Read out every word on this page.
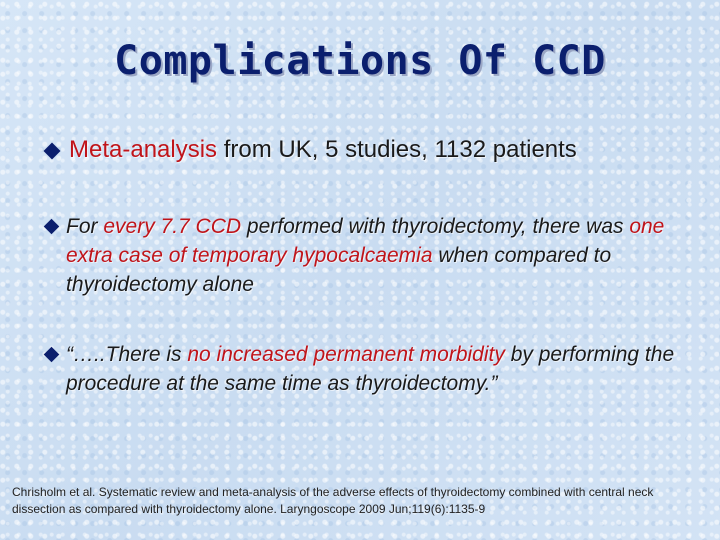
Complications Of CCD
Meta-analysis from UK, 5 studies, 1132 patients
For every 7.7 CCD performed with thyroidectomy, there was one extra case of temporary hypocalcaemia when compared to thyroidectomy alone
“…..There is no increased permanent morbidity by performing the procedure at the same time as thyroidectomy.”
Chrisholm et al. Systematic review and meta-analysis of the adverse effects of thyroidectomy combined with central neck dissection as compared with thyroidectomy alone. Laryngoscope 2009 Jun;119(6):1135-9
